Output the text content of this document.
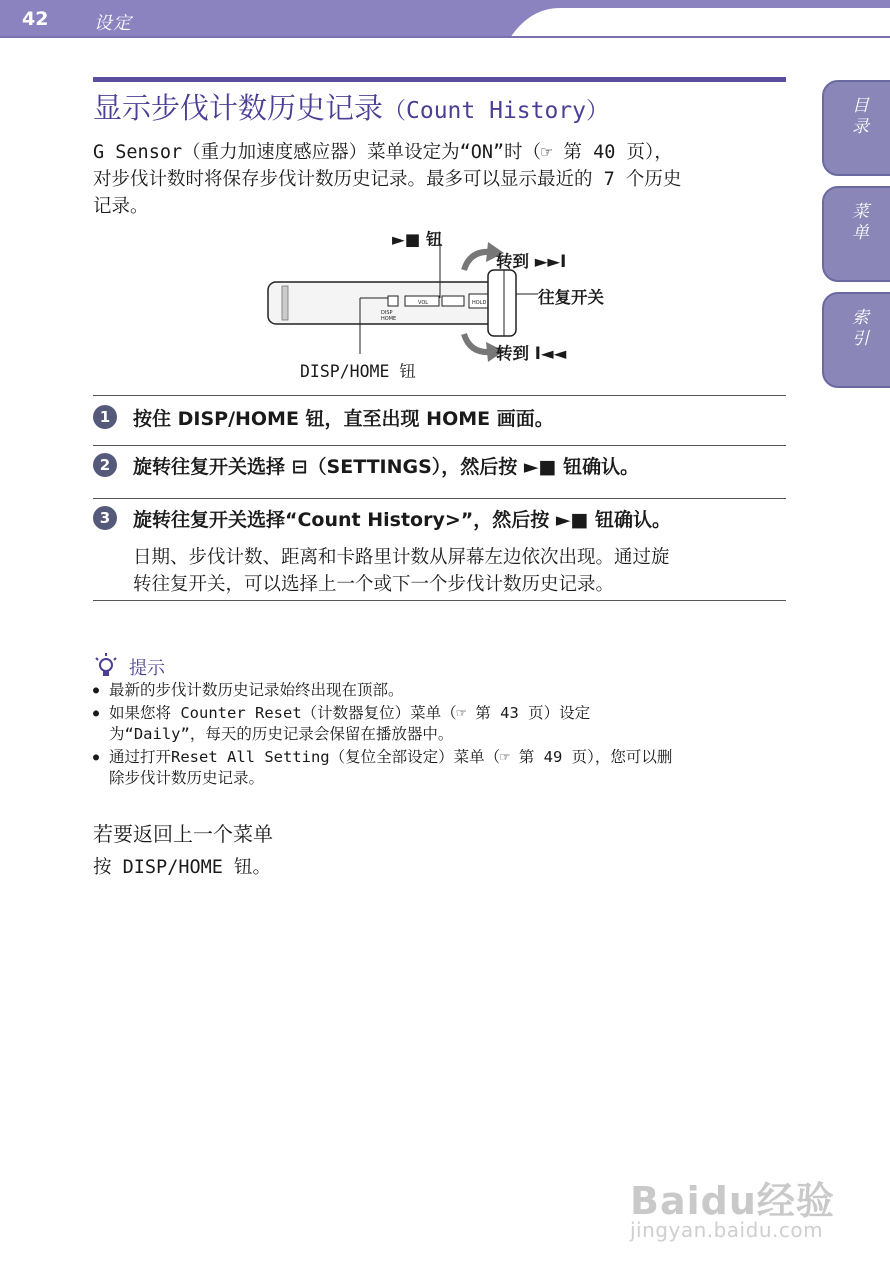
42	设定
目录
菜单
索引
显示步伐计数历史记录（Count History）
G Sensor（重力加速度感应器）菜单设定为“ON”时（☞ 第 40 页），
对步伐计数时将保存步伐计数历史记录。最多可以显示最近的 7 个历史
记录。
DISP
HOME
VOL	HOLD
►■ 钮
转到 ►►I
往复开关
转到 I◄◄
DISP/HOME 钮
1	按住 DISP/HOME 钮，直至出现 HOME 画面。
2	旋转往复开关选择 ⊟（SETTINGS），然后按 ►■ 钮确认。
3	旋转往复开关选择“Count History>”，然后按 ►■ 钮确认。
日期、步伐计数、距离和卡路里计数从屏幕左边依次出现。通过旋
转往复开关，可以选择上一个或下一个步伐计数历史记录。
提示
● 最新的步伐计数历史记录始终出现在顶部。
● 如果您将 Counter Reset（计数器复位）菜单（☞ 第 43 页）设定
为“Daily”，每天的历史记录会保留在播放器中。
● 通过打开Reset All Setting（复位全部设定）菜单（☞ 第 49 页），您可以删
除步伐计数历史记录。
若要返回上一个菜单

按 DISP/HOME 钮。

Baidu经验
jingyan.baidu.com
